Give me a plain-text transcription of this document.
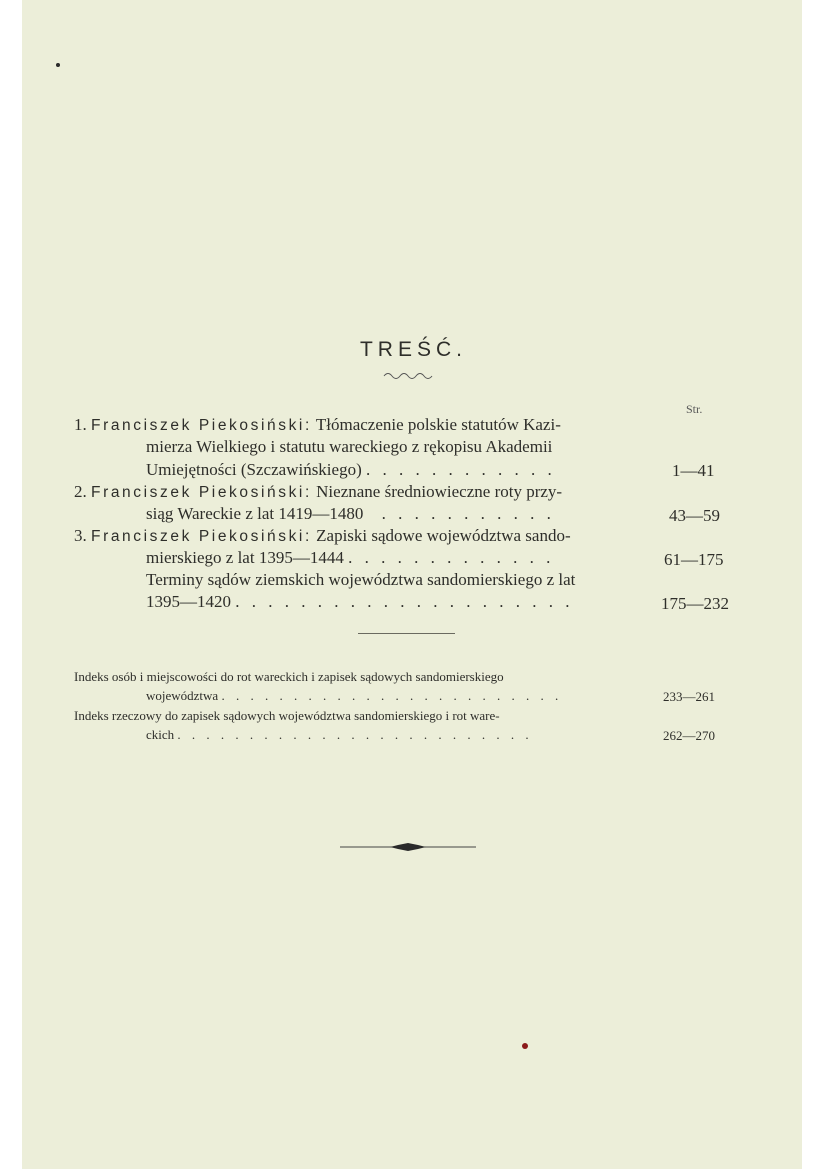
TREŚĆ.
Str.
1. Franciszek Piekosiński: Tłómaczenie polskie statutów Kazi-
mierza Wielkiego i statutu wareckiego z rękopisu Akademii
Umiejętności (Szczawińskiego) . . . . . . . . . . . .	1—41
2. Franciszek Piekosiński: Nieznane średniowieczne roty przy-
siąg Wareckie z lat 1419—1480 . . . . . . . . . . .	43—59
3. Franciszek Piekosiński: Zapiski sądowe województwa sando-
mierskiego z lat 1395—1444 . . . . . . . . . . . . .	61—175
Terminy sądów ziemskich województwa sandomierskiego z lat
1395—1420 . . . . . . . . . . . . . . . . . . . . .	175—232
Indeks osób i miejscowości do rot wareckich i zapisek sądowych sandomierskiego
województwa . . . . . . . . . . . . . . . . . . . . . . . .	233—261
Indeks rzeczowy do zapisek sądowych województwa sandomierskiego i rot ware-
ckich . . . . . . . . . . . . . . . . . . . . . . . . .	262—270
